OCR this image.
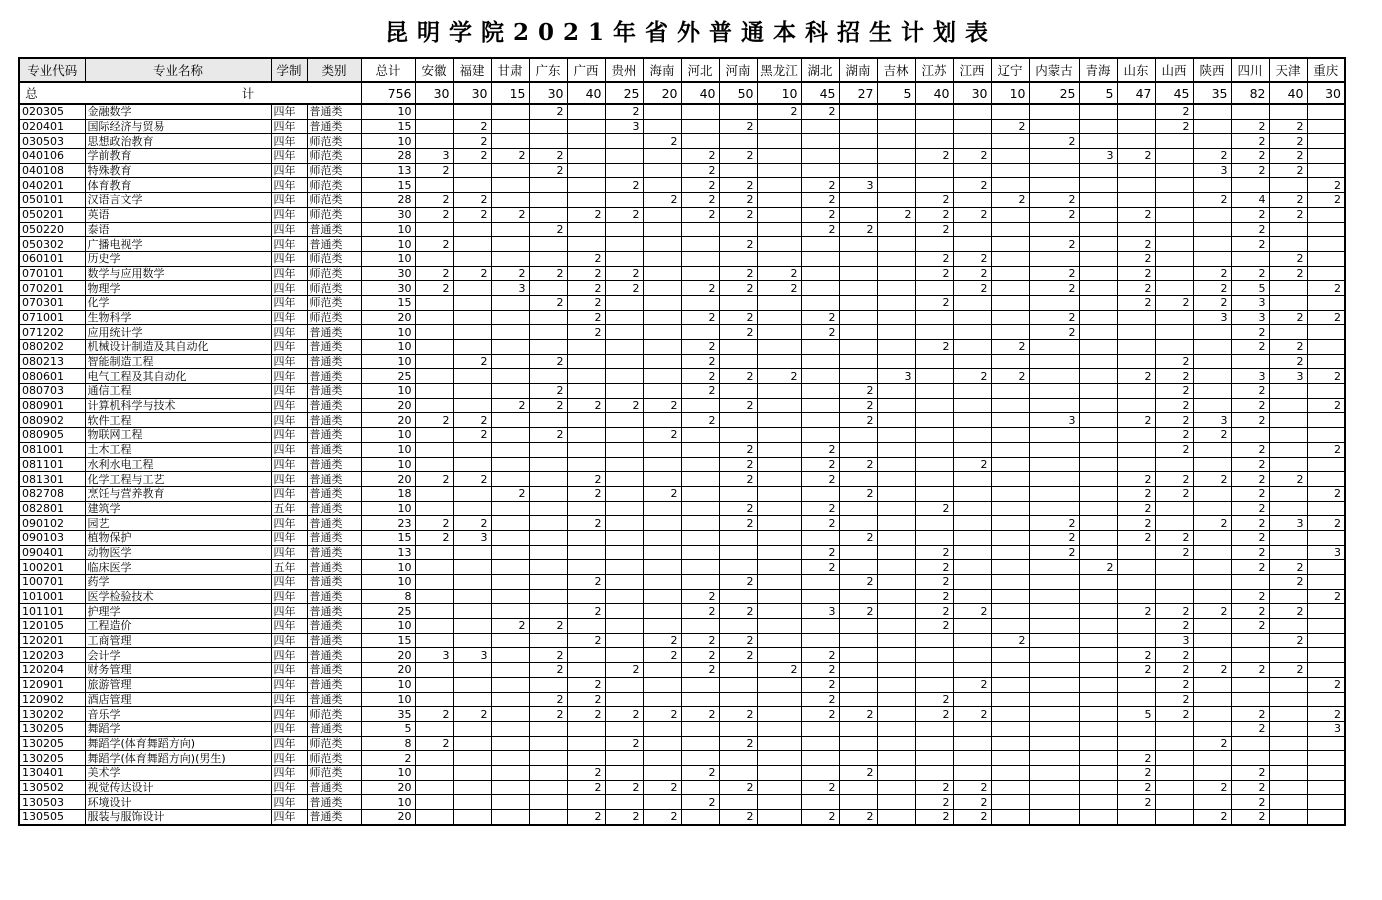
昆明学院2021年省外普通本科招生计划表
专业代码	专业名称	学制	类别	总计	安徽	福建	甘肃	广东	广西	贵州	海南	河北	河南	黑龙江	湖北	湖南	吉林	江苏	江西	辽宁	内蒙古	青海	山东	山西	陕西	四川	天津	重庆
总 计				756	30	30	15	30	40	25	20	40	50	10	45	27	5	40	30	10	25	5	47	45	35	82	40	30
020305	金融数学	四年	普通类	10				2		2				2	2									2				
020401	国际经济与贸易	四年	普通类	15		2				3			2							2				2		2	2	
030503	思想政治教育	四年	师范类	10		2					2										2					2	2	
040106	学前教育	四年	师范类	28	3	2	2	2				2	2					2	2			3	2		2	2	2	
040108	特殊教育	四年	师范类	13	2			2				2													3	2	2	
040201	体育教育	四年	师范类	15						2		2	2		2	3			2									2
050101	汉语言文学	四年	师范类	28	2	2					2	2	2		2			2		2	2				2	4	2	2
050201	英语	四年	师范类	30	2	2	2		2	2		2	2		2		2	2	2		2		2			2	2	
050220	泰语	四年	普通类	10				2							2	2		2								2		
050302	广播电视学	四年	普通类	10	2								2								2		2			2		
060101	历史学	四年	师范类	10					2									2	2				2				2	
070101	数学与应用数学	四年	师范类	30	2	2	2	2	2	2			2	2				2	2		2		2		2	2	2	
070201	物理学	四年	师范类	30	2		3		2	2		2	2	2					2		2		2		2	5		2
070301	化学	四年	师范类	15				2	2									2					2	2	2	3		
071001	生物科学	四年	师范类	20					2			2	2		2						2				3	3	2	2
071202	应用统计学	四年	普通类	10					2				2		2						2					2		
080202	机械设计制造及其自动化	四年	普通类	10								2						2		2						2	2	
080213	智能制造工程	四年	普通类	10		2		2				2												2			2	
080601	电气工程及其自动化	四年	普通类	25								2	2	2			3		2	2			2	2		3	3	2
080703	通信工程	四年	普通类	10				2				2				2								2		2		
080901	计算机科学与技术	四年	普通类	20			2	2	2	2	2		2			2								2		2		2
080902	软件工程	四年	普通类	20	2	2						2				2					3		2	2	3	2		
080905	物联网工程	四年	普通类	10		2		2			2													2	2			
081001	土木工程	四年	普通类	10									2		2									2		2		2
081101	水利水电工程	四年	普通类	10									2		2	2			2							2		
081301	化学工程与工艺	四年	普通类	20	2	2			2				2		2								2	2	2	2	2	
082708	烹饪与营养教育	四年	普通类	18			2		2		2					2							2	2		2		2
082801	建筑学	五年	普通类	10									2		2			2					2			2		
090102	园艺	四年	普通类	23	2	2			2				2		2						2		2		2	2	3	2
090103	植物保护	四年	普通类	15	2	3										2					2		2	2		2		
090401	动物医学	四年	普通类	13											2			2			2			2		2		3
100201	临床医学	五年	普通类	10											2			2				2				2	2	
100701	药学	四年	普通类	10					2				2			2		2									2	
101001	医学检验技术	四年	普通类	8								2						2								2		2
101101	护理学	四年	普通类	25					2			2	2		3	2		2	2				2	2	2	2	2	
120105	工程造价	四年	普通类	10			2	2										2						2		2		
120201	工商管理	四年	普通类	15					2		2	2	2							2				3			2	
120203	会计学	四年	普通类	20	3	3		2			2	2	2		2								2	2				
120204	财务管理	四年	普通类	20				2		2		2		2	2								2	2	2	2	2	
120901	旅游管理	四年	普通类	10					2						2				2					2				2
120902	酒店管理	四年	普通类	10				2	2						2			2						2				
130202	音乐学	四年	师范类	35	2	2		2	2	2	2	2	2		2	2		2	2				5	2		2		2
130205	舞蹈学	四年	普通类	5																						2		3
130205	舞蹈学(体育舞蹈方向)	四年	师范类	8	2					2			2												2			
130205	舞蹈学(体育舞蹈方向)(男生)	四年	师范类	2																			2					
130401	美术学	四年	师范类	10					2			2				2							2			2		
130502	视觉传达设计	四年	普通类	20					2	2	2		2		2			2	2				2		2	2		
130503	环境设计	四年	普通类	10								2						2	2				2			2		
130505	服装与服饰设计	四年	普通类	20					2	2	2		2		2	2		2	2						2	2		
